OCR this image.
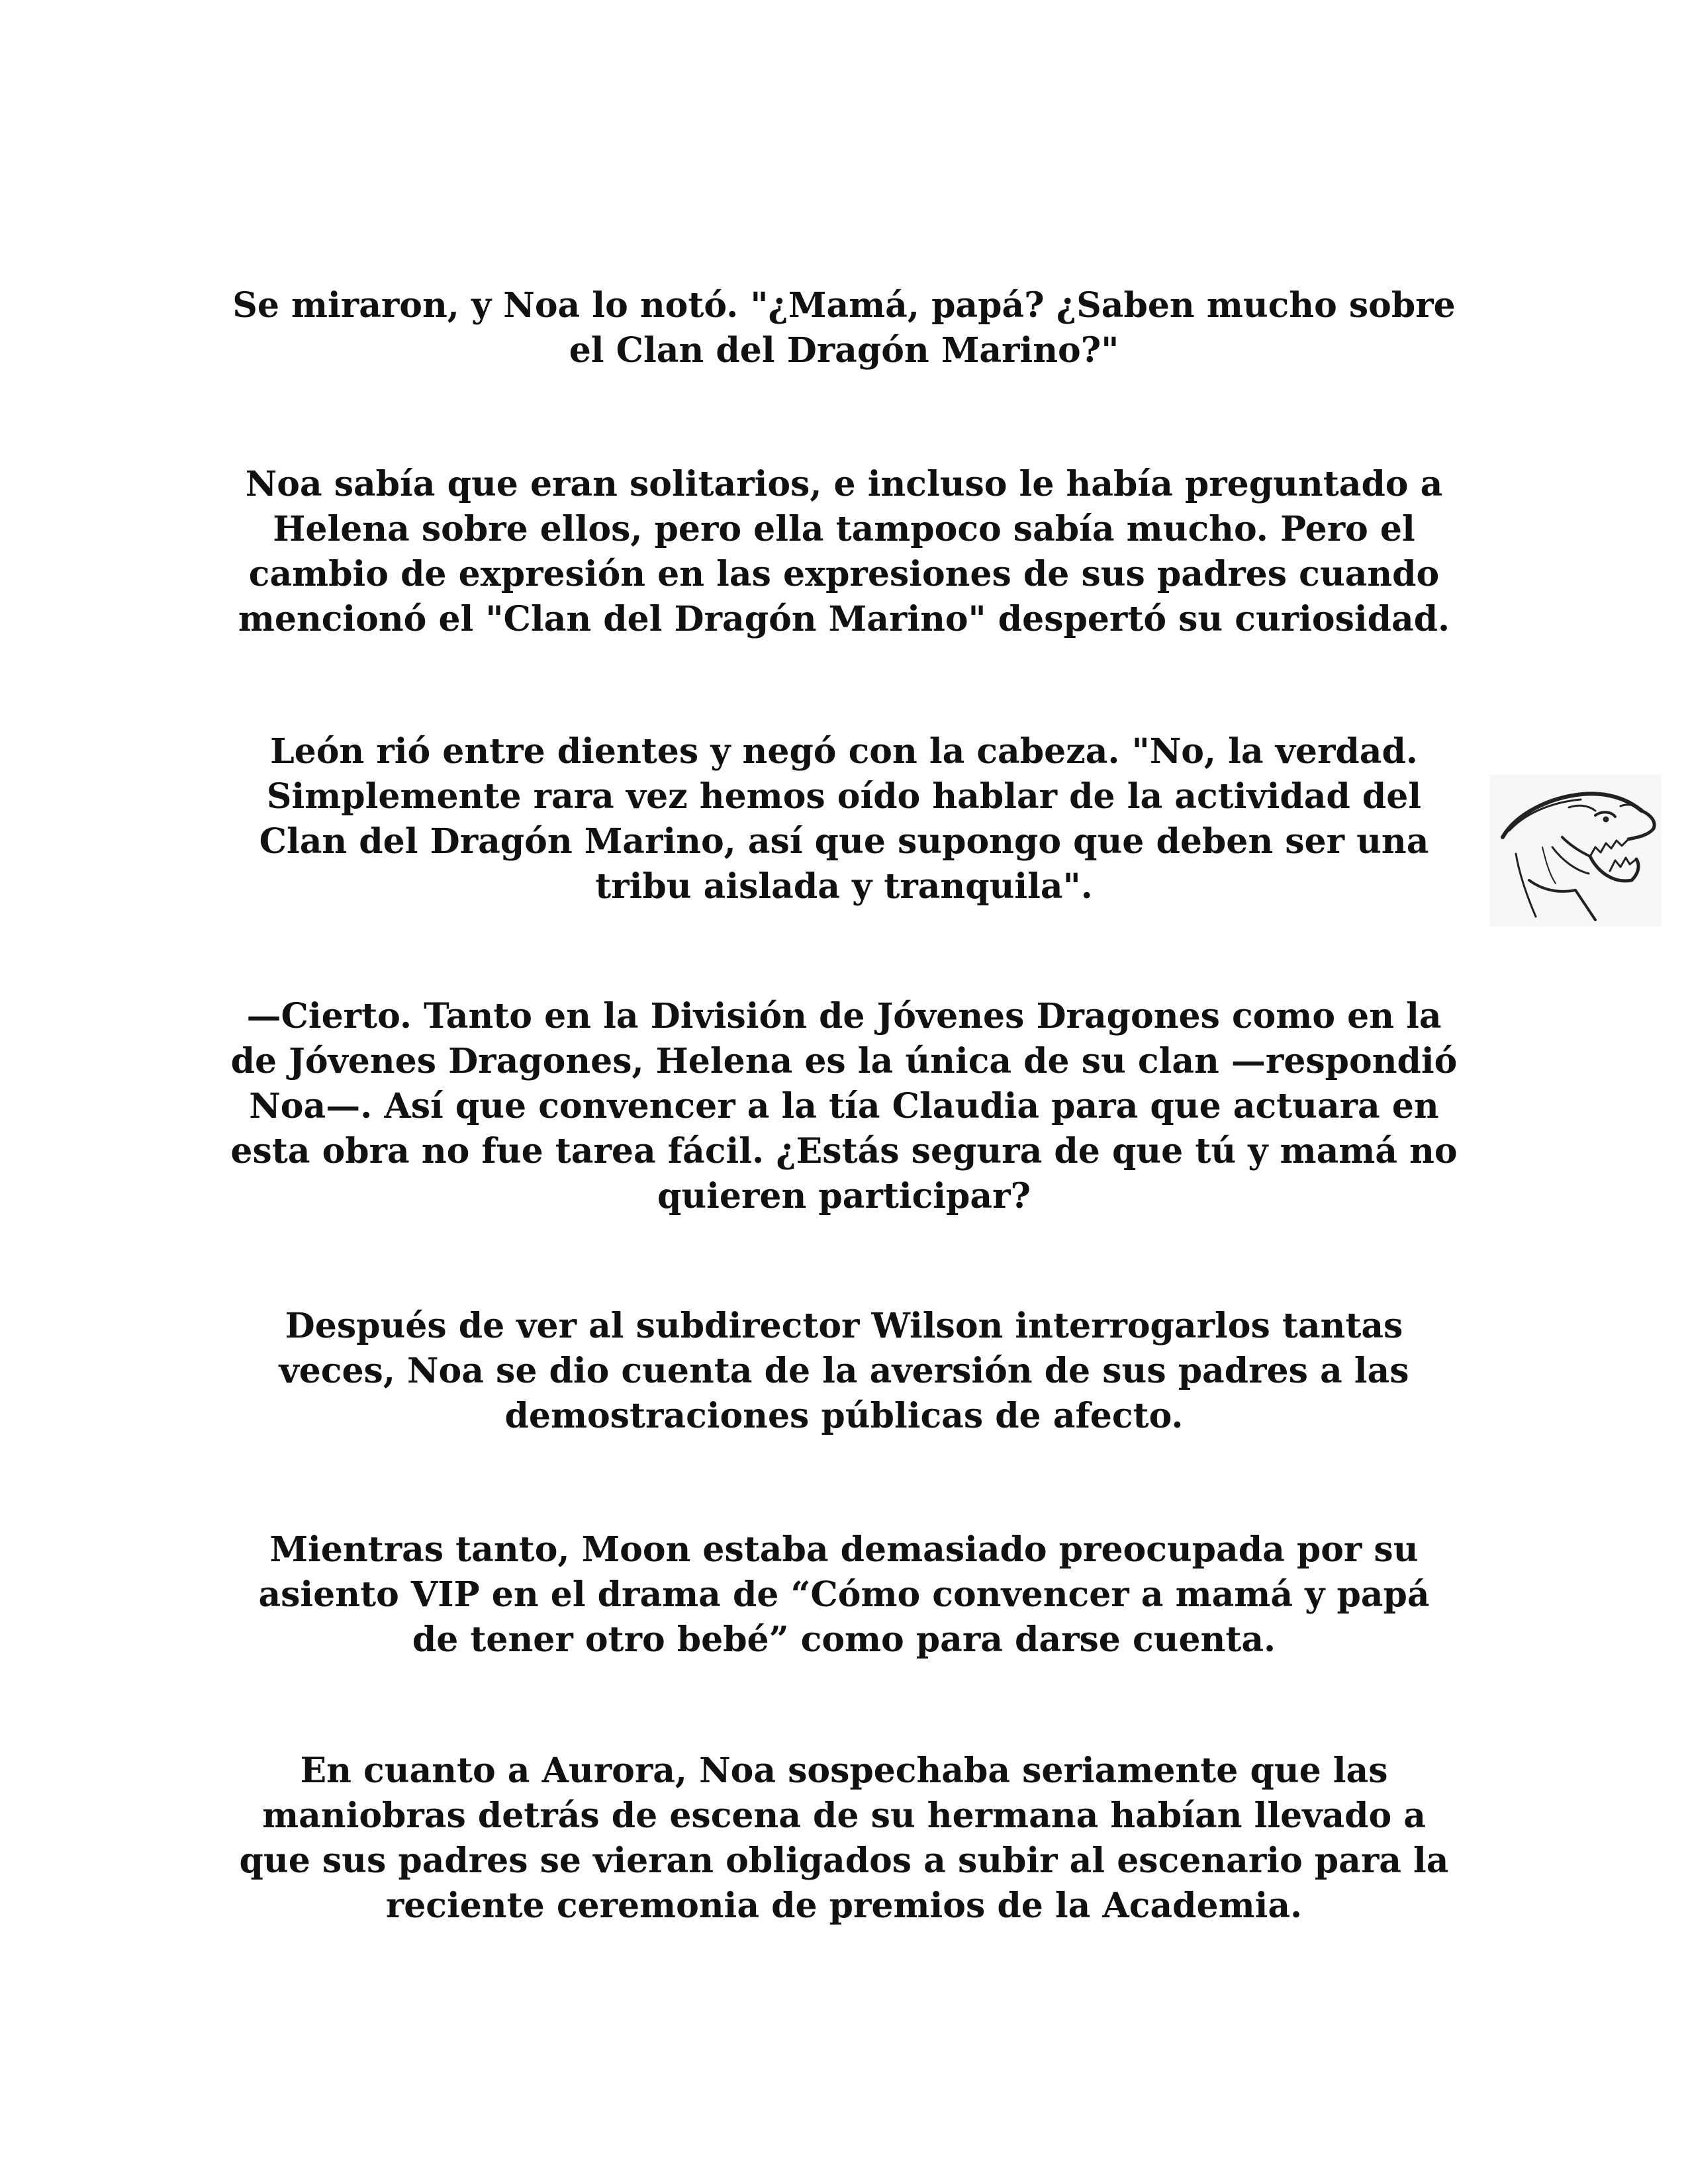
Se miraron, y Noa lo notó. "¿Mamá, papá? ¿Saben mucho sobre
el Clan del Dragón Marino?"

Noa sabía que eran solitarios, e incluso le había preguntado a
Helena sobre ellos, pero ella tampoco sabía mucho. Pero el
cambio de expresión en las expresiones de sus padres cuando
mencionó el "Clan del Dragón Marino" despertó su curiosidad.

León rió entre dientes y negó con la cabeza. "No, la verdad.
Simplemente rara vez hemos oído hablar de la actividad del
Clan del Dragón Marino, así que supongo que deben ser una
tribu aislada y tranquila".

—Cierto. Tanto en la División de Jóvenes Dragones como en la
de Jóvenes Dragones, Helena es la única de su clan —respondió
Noa—. Así que convencer a la tía Claudia para que actuara en
esta obra no fue tarea fácil. ¿Estás segura de que tú y mamá no
quieren participar?

Después de ver al subdirector Wilson interrogarlos tantas
veces, Noa se dio cuenta de la aversión de sus padres a las
demostraciones públicas de afecto.

Mientras tanto, Moon estaba demasiado preocupada por su
asiento VIP en el drama de “Cómo convencer a mamá y papá
de tener otro bebé” como para darse cuenta.

En cuanto a Aurora, Noa sospechaba seriamente que las
maniobras detrás de escena de su hermana habían llevado a
que sus padres se vieran obligados a subir al escenario para la
reciente ceremonia de premios de la Academia.
